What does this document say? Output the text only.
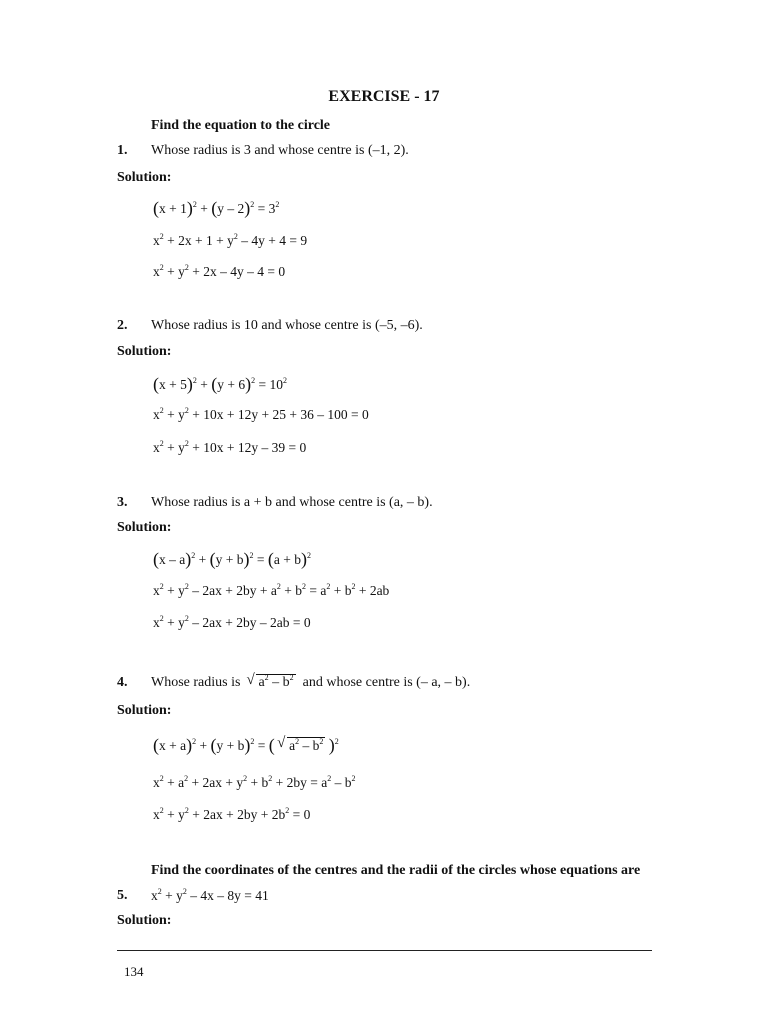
EXERCISE - 17
Find the equation to the circle
1. Whose radius is 3 and whose centre is (–1, 2).
Solution:
$(x + 1)^2 + (y - 2)^2 = 3^2$
$x^2 + 2x + 1 + y^2 - 4y + 4 = 9$
$x^2 + y^2 + 2x - 4y - 4 = 0$
2. Whose radius is 10 and whose centre is (–5, –6).
Solution:
$(x + 5)^2 + (y + 6)^2 = 10^2$
$x^2 + y^2 + 10x + 12y + 25 + 36 - 100 = 0$
$x^2 + y^2 + 10x + 12y - 39 = 0$
3. Whose radius is a + b and whose centre is (a, – b).
Solution:
$(x - a)^2 + (y + b)^2 = (a + b)^2$
$x^2 + y^2 - 2ax + 2by + a^2 + b^2 = a^2 + b^2 + 2ab$
$x^2 + y^2 - 2ax + 2by - 2ab = 0$
4. Whose radius is √ $a^2 - b^2$ and whose centre is (– a, – b).
Solution:
$(x + a)^2 + (y + b)^2$ = ( √ $a^2 - b^2$ )$^2$
$x^2 + a^2 + 2ax + y^2 + b^2 + 2by = a^2 - b^2$
$x^2 + y^2 + 2ax + 2by + 2b^2 = 0$
Find the coordinates of the centres and the radii of the circles whose equations are
5. $x^2 + y^2 - 4x - 8y = 41$
Solution:
134
